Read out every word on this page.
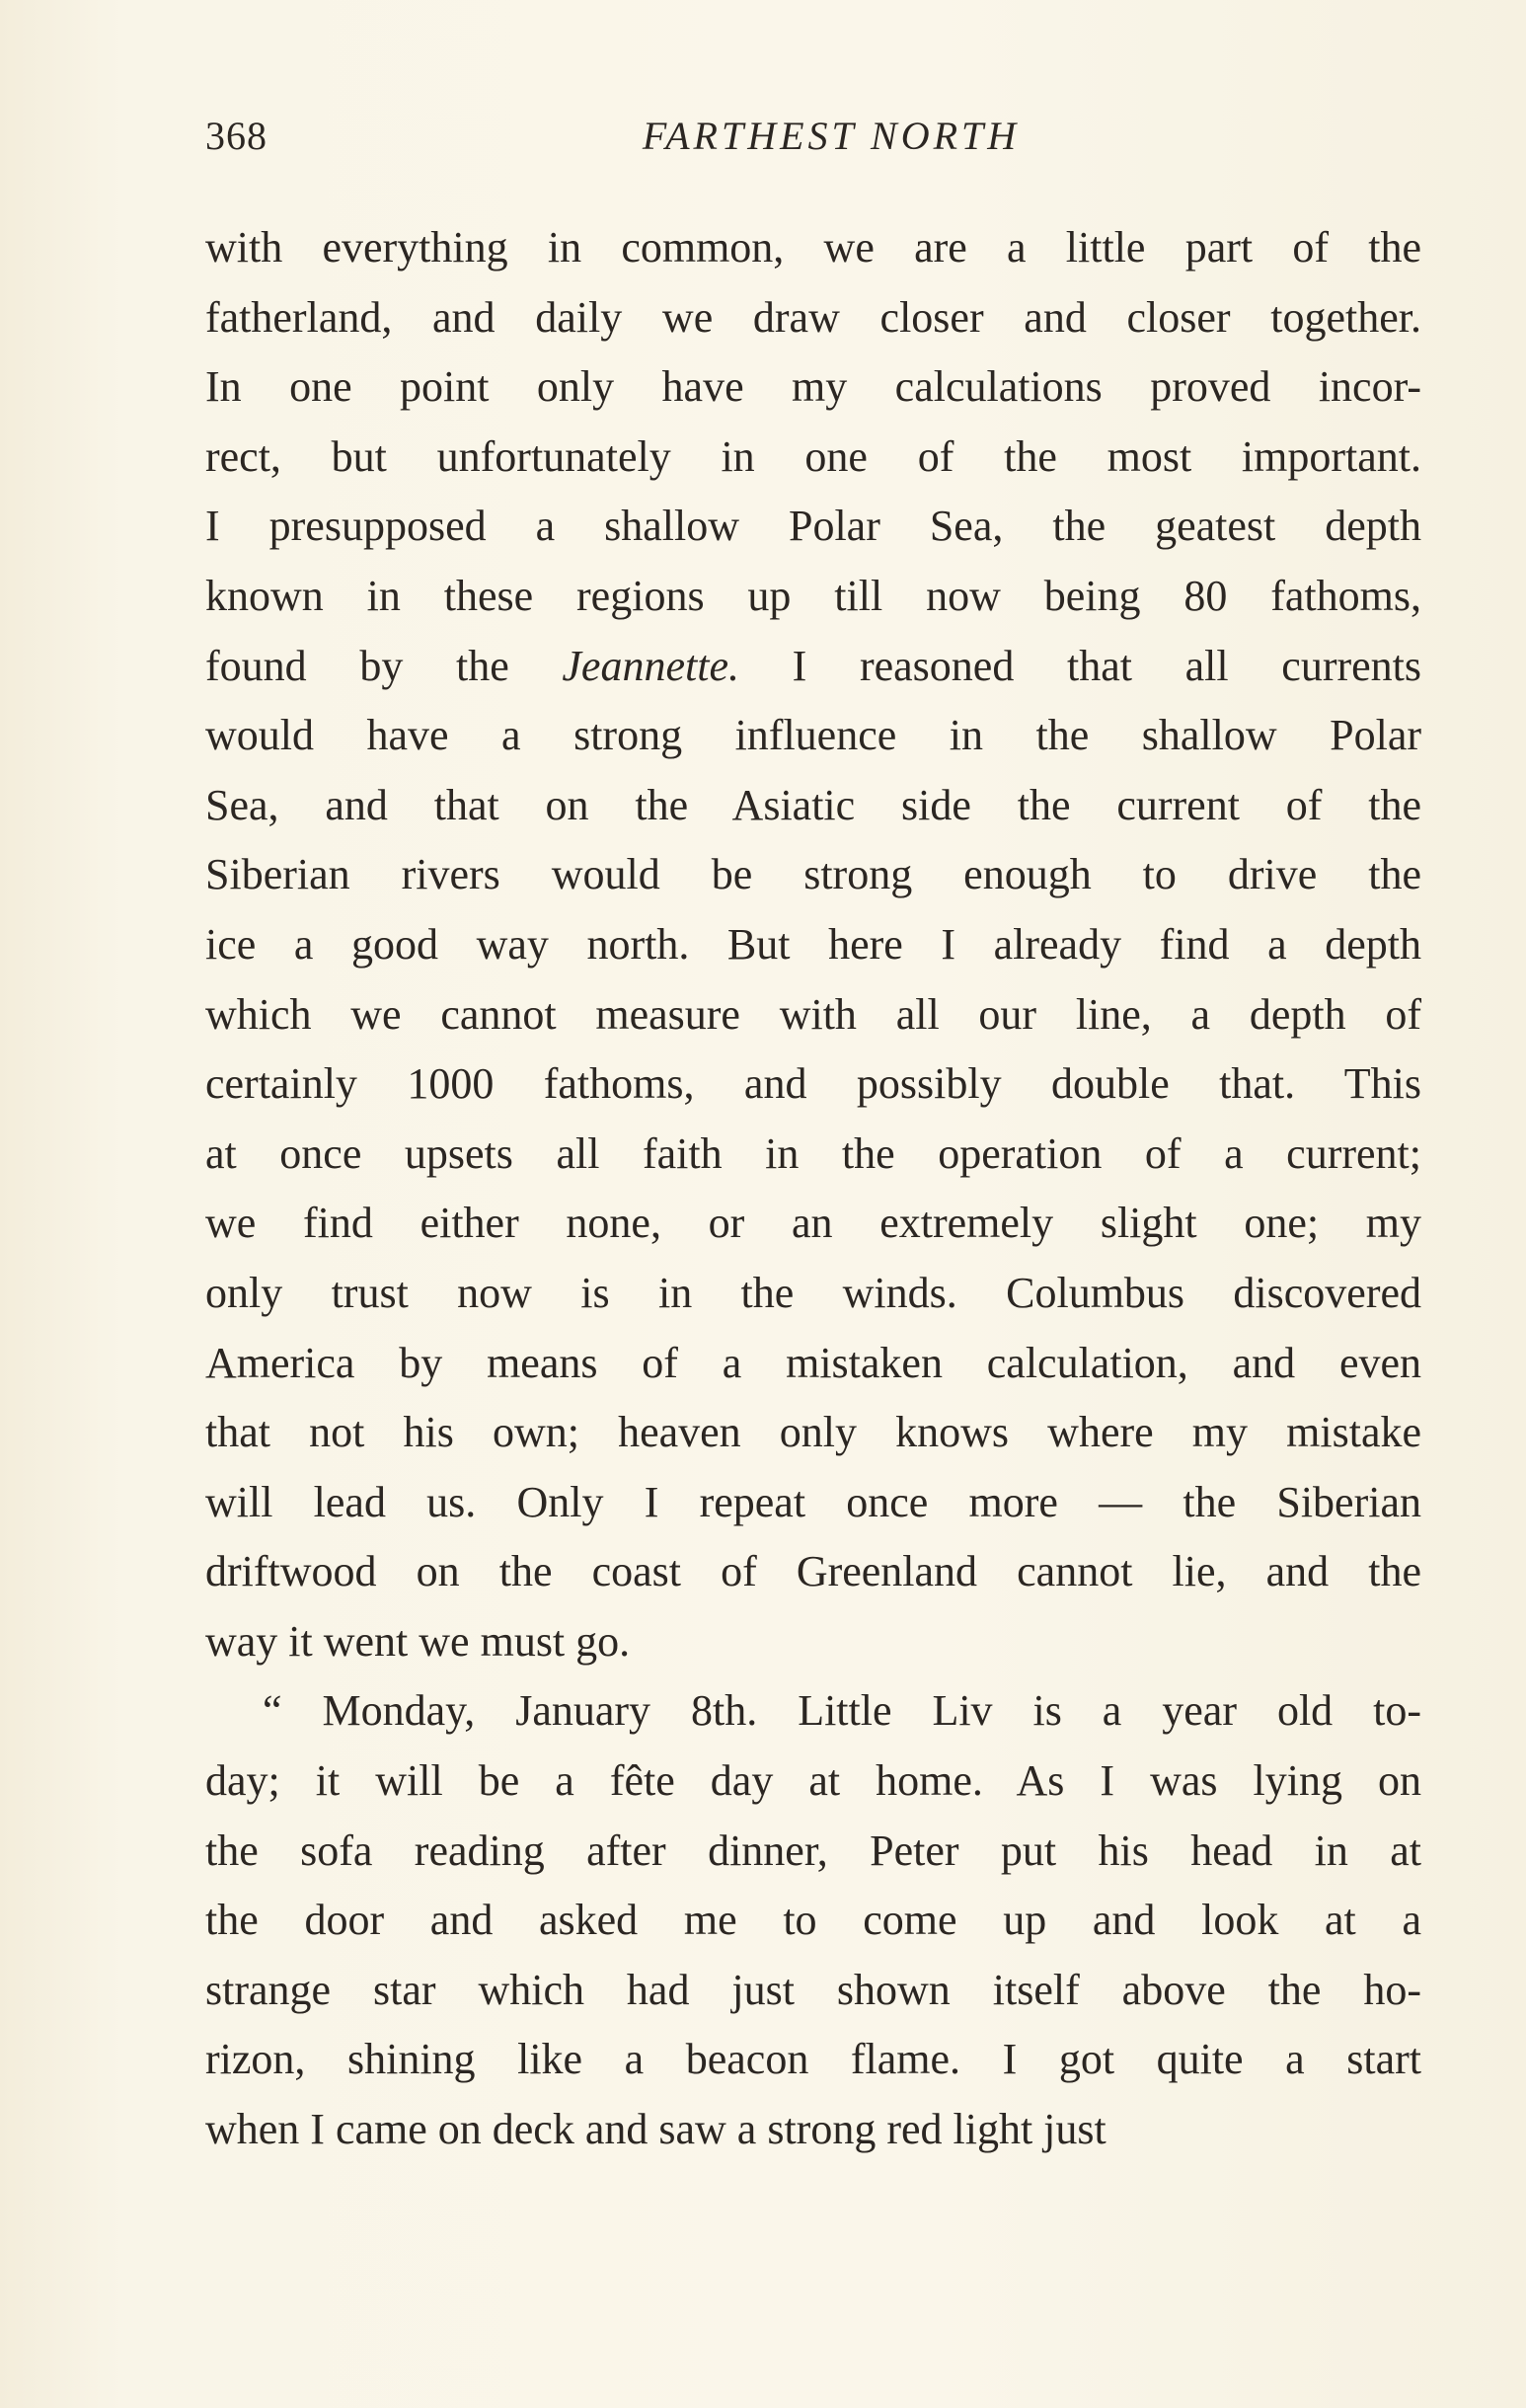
368	FARTHEST NORTH
with everything in common, we are a little part of the
fatherland, and daily we draw closer and closer together.
In one point only have my calculations proved incor-
rect, but unfortunately in one of the most important.
I presupposed a shallow Polar Sea, the geatest depth
known in these regions up till now being 80 fathoms,
found by the Jeannette. I reasoned that all currents
would have a strong influence in the shallow Polar
Sea, and that on the Asiatic side the current of the
Siberian rivers would be strong enough to drive the
ice a good way north. But here I already find a depth
which we cannot measure with all our line, a depth of
certainly 1000 fathoms, and possibly double that. This
at once upsets all faith in the operation of a current;
we find either none, or an extremely slight one; my
only trust now is in the winds. Columbus discovered
America by means of a mistaken calculation, and even
that not his own; heaven only knows where my mistake
will lead us. Only I repeat once more — the Siberian
driftwood on the coast of Greenland cannot lie, and the
way it went we must go.
“ Monday, January 8th. Little Liv is a year old to-
day; it will be a fête day at home. As I was lying on
the sofa reading after dinner, Peter put his head in at
the door and asked me to come up and look at a
strange star which had just shown itself above the ho-
rizon, shining like a beacon flame. I got quite a start
when I came on deck and saw a strong red light just
